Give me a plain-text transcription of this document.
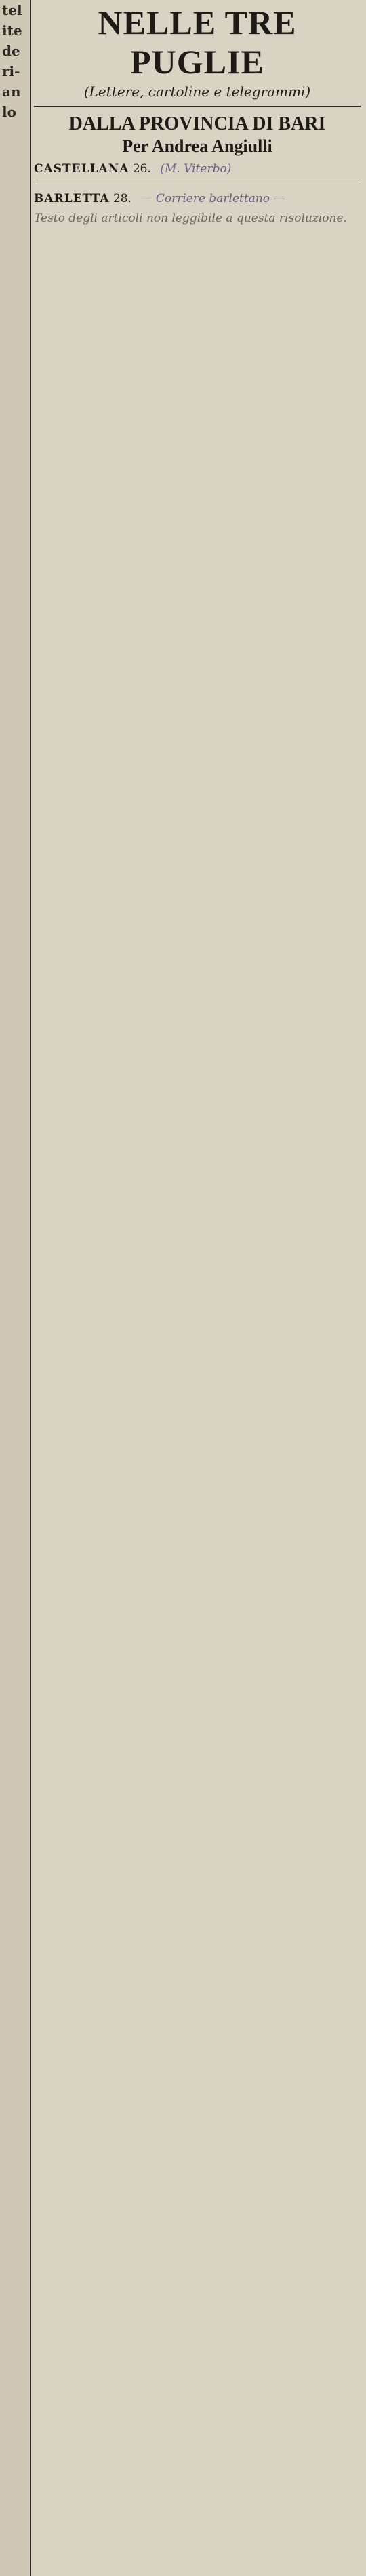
tel
ite
de
ri-
an
lo
NELLE TRE PUGLIE
(Lettere, cartoline e telegrammi)
DALLA PROVINCIA DI BARI
Per Andrea Angiulli
CASTELLANA 26. (M. Viterbo)
BARLETTA 28. — Corriere barlettano —
Testo degli articoli non leggibile a questa risoluzione.
